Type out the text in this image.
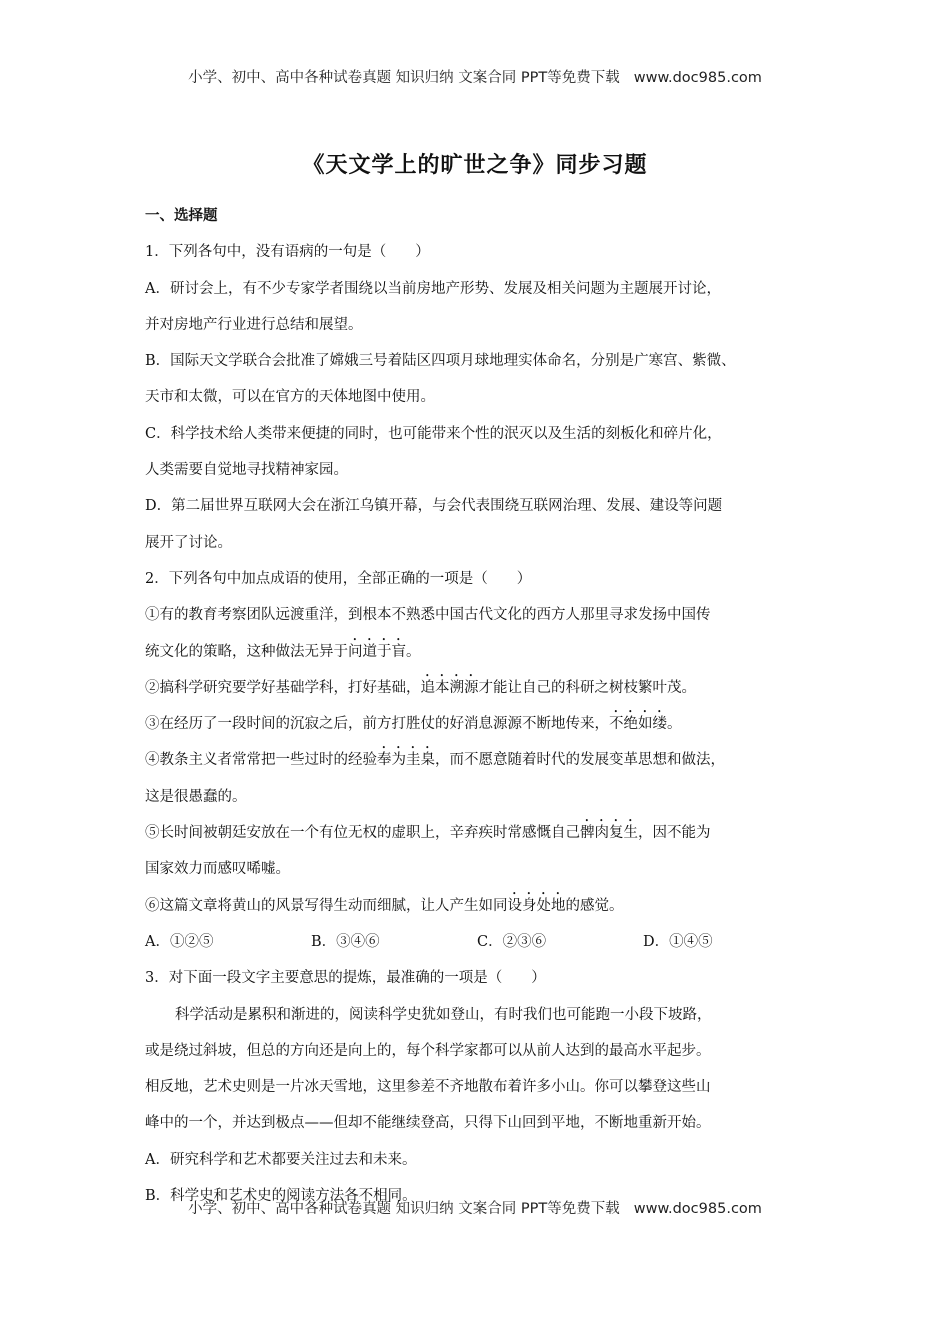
小学、初中、高中各种试卷真题 知识归纳 文案合同 PPT等免费下载 www.doc985.com
《天文学上的旷世之争》同步习题
一、选择题
1．下列各句中，没有语病的一句是（　　）
A．研讨会上，有不少专家学者围绕以当前房地产形势、发展及相关问题为主题展开讨论，
并对房地产行业进行总结和展望。
B．国际天文学联合会批准了嫦娥三号着陆区四项月球地理实体命名，分别是广寒宫、紫微、
天市和太微，可以在官方的天体地图中使用。
C．科学技术给人类带来便捷的同时，也可能带来个性的泯灭以及生活的刻板化和碎片化，
人类需要自觉地寻找精神家园。
D．第二届世界互联网大会在浙江乌镇开幕，与会代表围绕互联网治理、发展、建设等问题
展开了讨论。
2．下列各句中加点成语的使用，全部正确的一项是（　　）
①有的教育考察团队远渡重洋，到根本不熟悉中国古代文化的西方人那里寻求发扬中国传
统文化的策略，这种做法无异于问道于盲。
②搞科学研究要学好基础学科，打好基础，追本溯源才能让自己的科研之树枝繁叶茂。
③在经历了一段时间的沉寂之后，前方打胜仗的好消息源源不断地传来，不绝如缕。
④教条主义者常常把一些过时的经验奉为圭臬，而不愿意随着时代的发展变革思想和做法，
这是很愚蠢的。
⑤长时间被朝廷安放在一个有位无权的虚职上，辛弃疾时常感慨自己髀肉复生，因不能为
国家效力而感叹唏嘘。
⑥这篇文章将黄山的风景写得生动而细腻，让人产生如同设身处地的感觉。
A．①②⑤	B．③④⑥	C．②③⑥	D．①④⑤
3．对下面一段文字主要意思的提炼，最准确的一项是（　　）
科学活动是累积和渐进的，阅读科学史犹如登山，有时我们也可能跑一小段下坡路，
或是绕过斜坡，但总的方向还是向上的，每个科学家都可以从前人达到的最高水平起步。
相反地，艺术史则是一片冰天雪地，这里参差不齐地散布着许多小山。你可以攀登这些山
峰中的一个，并达到极点——但却不能继续登高，只得下山回到平地，不断地重新开始。
A．研究科学和艺术都要关注过去和未来。
B．科学史和艺术史的阅读方法各不相同。
小学、初中、高中各种试卷真题 知识归纳 文案合同 PPT等免费下载 www.doc985.com
